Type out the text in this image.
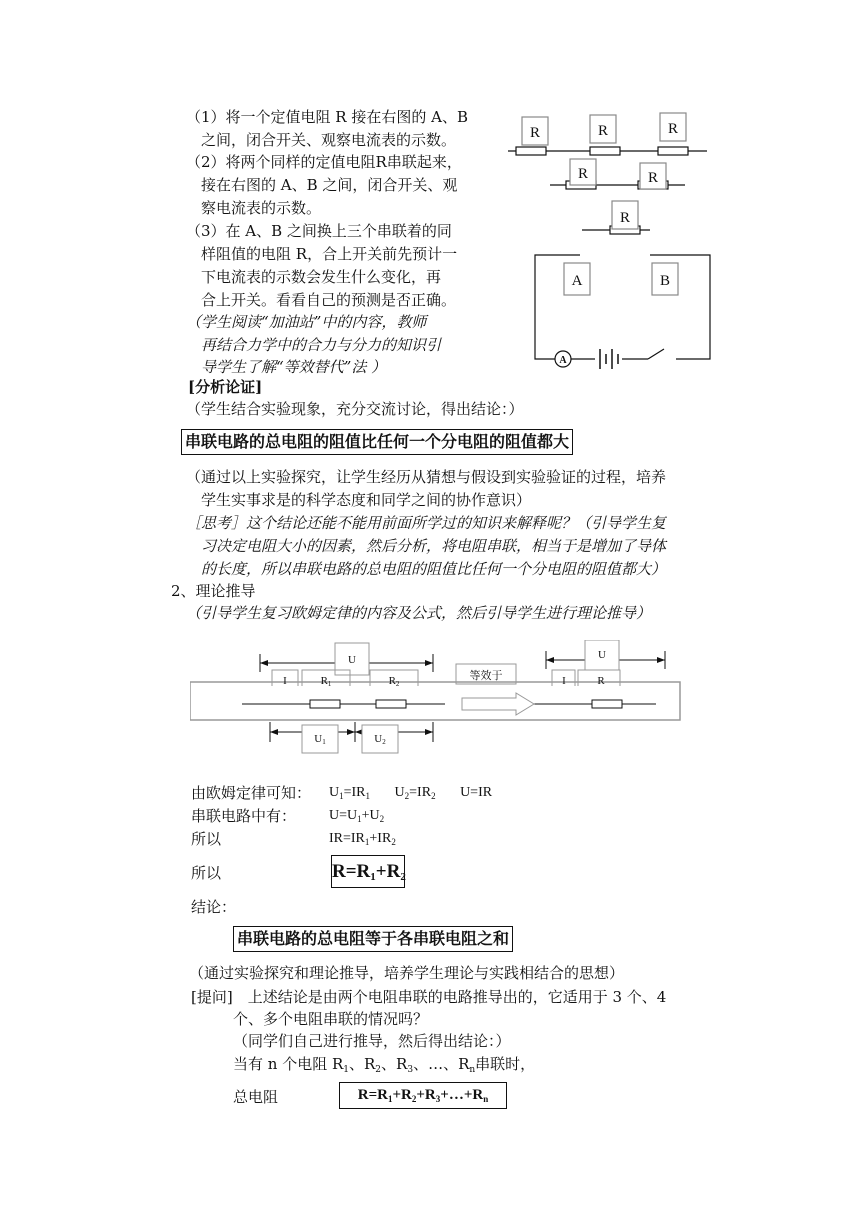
（1）将一个定值电阻 R 接在右图的 A、B
之间，闭合开关、观察电流表的示数。
（2）将两个同样的定值电阻R串联起来，
接在右图的 A、B 之间，闭合开关、观
察电流表的示数。
（3）在 A、B 之间换上三个串联着的同
样阻值的电阻 R，合上开关前先预计一
下电流表的示数会发生什么变化，再
合上开关。看看自己的预测是否正确。
（学生阅读“加油站”中的内容，教师
再结合力学中的合力与分力的知识引
导学生了解“等效替代”法 ）
R	R	R
R	R
R
A	B
A
[分析论证]
（学生结合实验现象，充分交流讨论，得出结论：）
串联电路的总电阻的阻值比任何一个分电阻的阻值都大
（通过以上实验探究，让学生经历从猜想与假设到实验验证的过程，培养
学生实事求是的科学态度和同学之间的协作意识）
［思考］这个结论还能不能用前面所学过的知识来解释呢？（引导学生复
习决定电阻大小的因素，然后分析，将电阻串联，相当于是增加了导体
的长度，所以串联电路的总电阻的阻值比任何一个分电阻的阻值都大）
2、理论推导
（引导学生复习欧姆定律的内容及公式，然后引导学生进行理论推导）
等效于
U	U
I	I	R
R1	R2
U1	U2
由欧姆定律可知： $U_1=IR_1$       $U_2=IR_2$       U=IR
串联电路中有： $U=U_1+U_2$
所以	$IR=IR_1+IR_2$
所以	$R=R_1+R_2$
结论：
串联电路的总电阻等于各串联电阻之和
（通过实验探究和理论推导，培养学生理论与实践相结合的思想）
[提问]　上述结论是由两个电阻串联的电路推导出的，它适用于 3 个、4
个、多个电阻串联的情况吗？
（同学们自己进行推导，然后得出结论：）
当有 n 个电阻 $R_1$、$R_2$、$R_3$、…、$R_n$串联时，
总电阻	$R=R_1+R_2+R_3+\dots+R_n$
